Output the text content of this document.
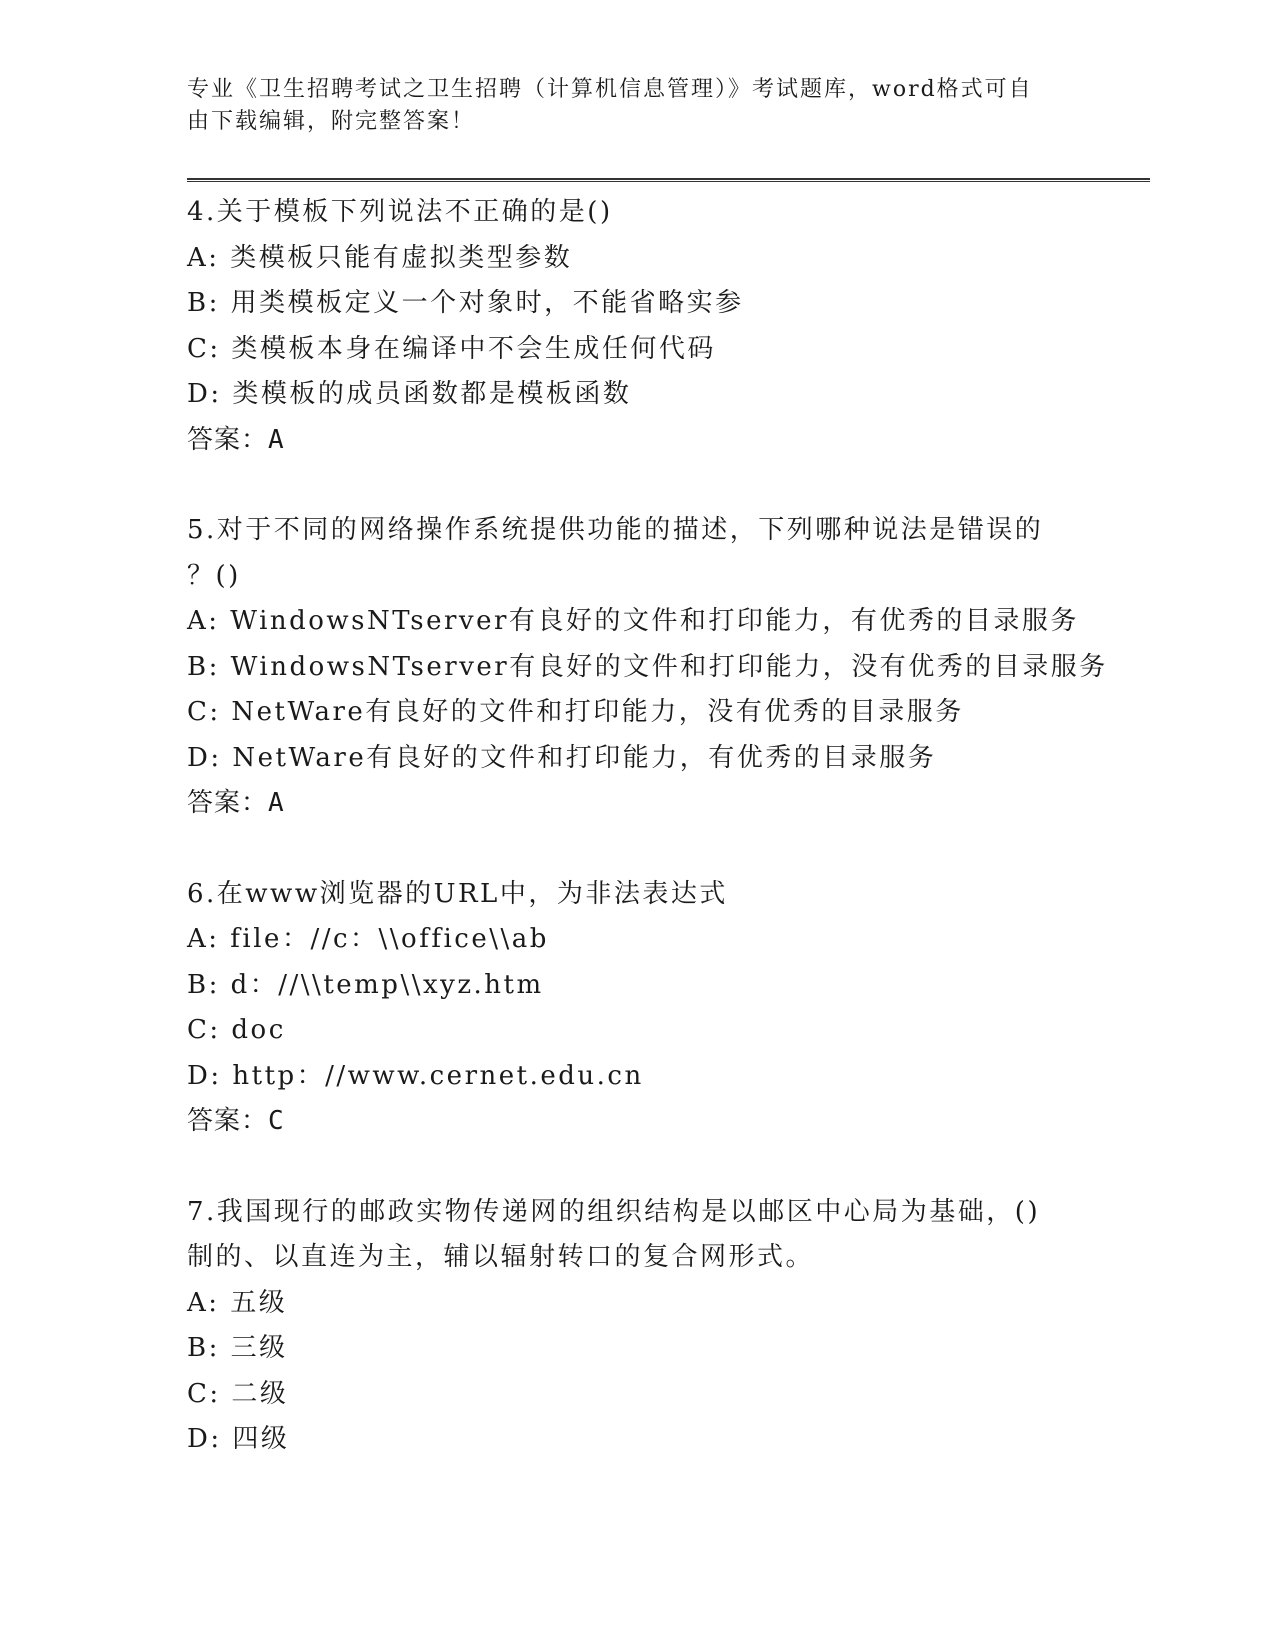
专业《卫生招聘考试之卫生招聘（计算机信息管理）》考试题库，word格式可自
由下载编辑，附完整答案！
4.关于模板下列说法不正确的是()
A: 类模板只能有虚拟类型参数
B: 用类模板定义一个对象时，不能省略实参
C: 类模板本身在编译中不会生成任何代码
D: 类模板的成员函数都是模板函数
答案：A
5.对于不同的网络操作系统提供功能的描述，下列哪种说法是错误的
？()
A: WindowsNTserver有良好的文件和打印能力，有优秀的目录服务
B: WindowsNTserver有良好的文件和打印能力，没有优秀的目录服务
C: NetWare有良好的文件和打印能力，没有优秀的目录服务
D: NetWare有良好的文件和打印能力，有优秀的目录服务
答案：A
6.在www浏览器的URL中，为非法表达式
A: file：//c：\\office\\ab
B: d：//\\temp\\xyz.htm
C: doc
D: http：//www.cernet.edu.cn
答案：C
7.我国现行的邮政实物传递网的组织结构是以邮区中心局为基础，()
制的、以直连为主，辅以辐射转口的复合网形式。
A: 五级
B: 三级
C: 二级
D: 四级
